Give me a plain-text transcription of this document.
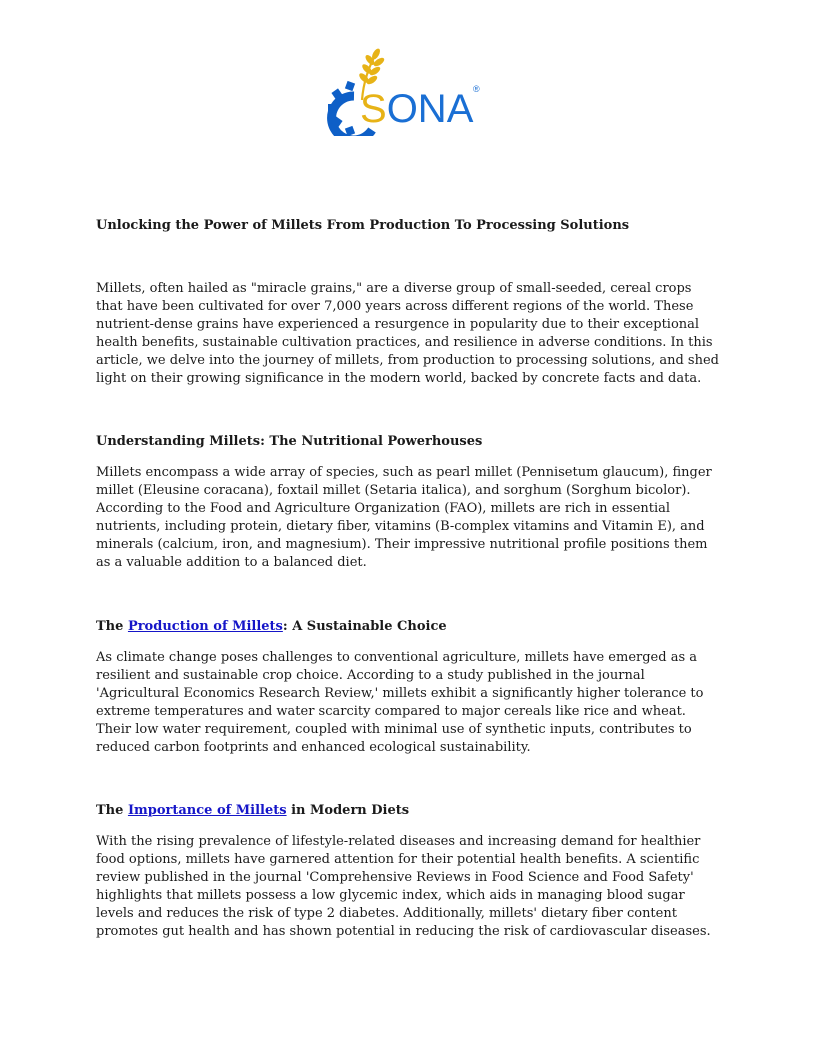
SONA ®
Unlocking the Power of Millets From Production To Processing Solutions

Millets, often hailed as "miracle grains," are a diverse group of small-seeded, cereal crops that have been cultivated for over 7,000 years across different regions of the world. These nutrient-dense grains have experienced a resurgence in popularity due to their exceptional health benefits, sustainable cultivation practices, and resilience in adverse conditions. In this article, we delve into the journey of millets, from production to processing solutions, and shed light on their growing significance in the modern world, backed by concrete facts and data.

Understanding Millets: The Nutritional Powerhouses

Millets encompass a wide array of species, such as pearl millet (Pennisetum glaucum), finger millet (Eleusine coracana), foxtail millet (Setaria italica), and sorghum (Sorghum bicolor). According to the Food and Agriculture Organization (FAO), millets are rich in essential nutrients, including protein, dietary fiber, vitamins (B-complex vitamins and Vitamin E), and minerals (calcium, iron, and magnesium). Their impressive nutritional profile positions them as a valuable addition to a balanced diet.

The Production of Millets: A Sustainable Choice

As climate change poses challenges to conventional agriculture, millets have emerged as a resilient and sustainable crop choice. According to a study published in the journal 'Agricultural Economics Research Review,' millets exhibit a significantly higher tolerance to extreme temperatures and water scarcity compared to major cereals like rice and wheat. Their low water requirement, coupled with minimal use of synthetic inputs, contributes to reduced carbon footprints and enhanced ecological sustainability.

The Importance of Millets in Modern Diets

With the rising prevalence of lifestyle-related diseases and increasing demand for healthier food options, millets have garnered attention for their potential health benefits. A scientific review published in the journal 'Comprehensive Reviews in Food Science and Food Safety' highlights that millets possess a low glycemic index, which aids in managing blood sugar levels and reduces the risk of type 2 diabetes. Additionally, millets' dietary fiber content promotes gut health and has shown potential in reducing the risk of cardiovascular diseases.
